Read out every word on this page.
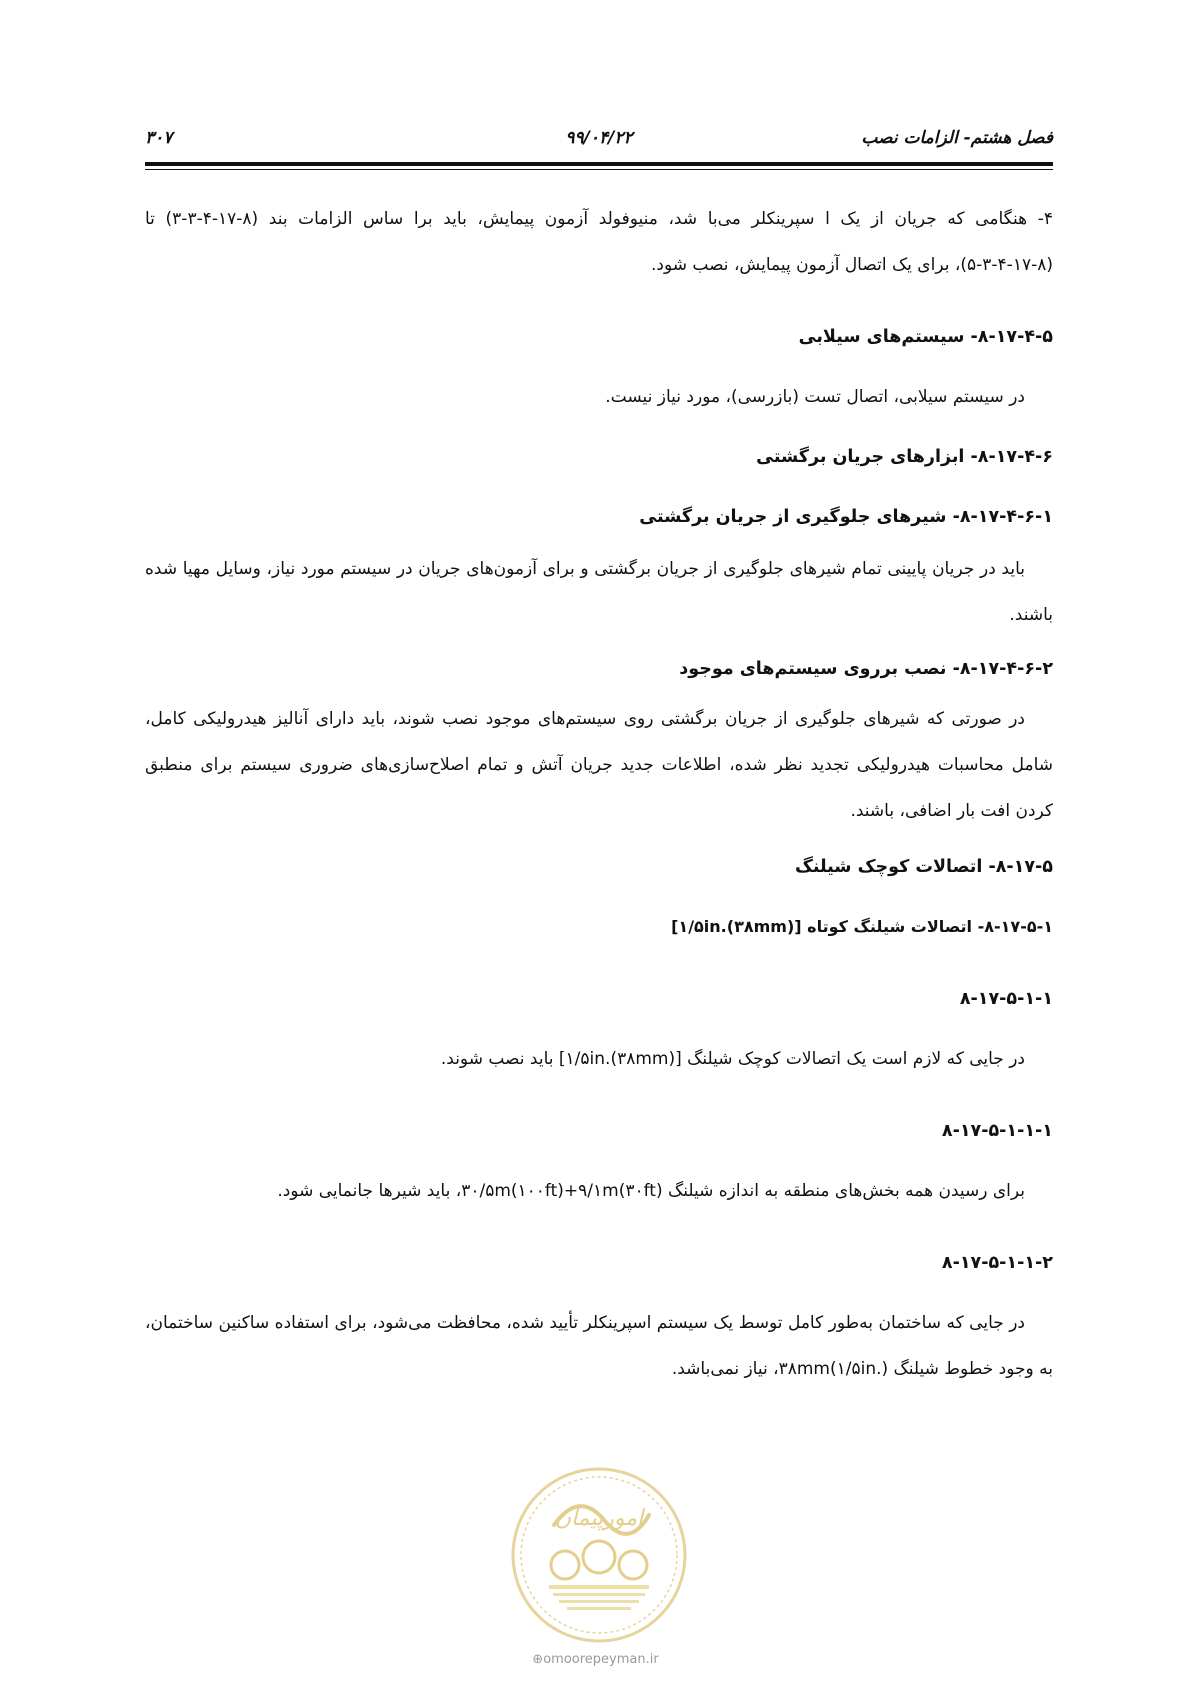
فصل هشتم- الزامات نصب
۹۹/۰۴/۲۲
۳۰۷

۴- هنگامی که جریان از یک ا سپرینکلر می‌با شد، منیوفولد آزمون پیمایش، باید برا ساس الزامات بند (۸-۱۷-۴-۳-۳) تا (۸-۱۷-۴-۳-۵)، برای یک اتصال آزمون پیمایش، نصب شود.

۸-۱۷-۴-۵- سیستم‌های سیلابی

در سیستم سیلابی، اتصال تست (بازرسی)، مورد نیاز نیست.

۸-۱۷-۴-۶- ابزارهای جریان برگشتی

۸-۱۷-۴-۶-۱- شیرهای جلوگیری از جریان برگشتی

باید در جریان پایینی تمام شیرهای جلوگیری از جریان برگشتی و برای آزمون‌های جریان در سیستم مورد نیاز، وسایل مهیا شده باشند.

۸-۱۷-۴-۶-۲- نصب برروی سیستم‌های موجود

در صورتی که شیرهای جلوگیری از جریان برگشتی روی سیستم‌های موجود نصب شوند، باید دارای آنالیز هیدرولیکی کامل، شامل محاسبات هیدرولیکی تجدید نظر شده، اطلاعات جدید جریان آتش و تمام اصلاح‌سازی‌های ضروری سیستم برای منطبق کردن افت بار اضافی، باشند.

۸-۱۷-۵- اتصالات کوچک شیلنگ

۸-۱۷-۵-۱- اتصالات شیلنگ کوتاه [۱/۵in.(۳۸mm)]

۸-۱۷-۵-۱-۱

در جایی که لازم است یک اتصالات کوچک شیلنگ [۱/۵in.(۳۸mm)] باید نصب شوند.

۸-۱۷-۵-۱-۱-۱

برای رسیدن همه بخش‌های منطقه به اندازه شیلنگ ۳۰/۵m(۱۰۰ft)+۹/۱m(۳۰ft)، باید شیرها جانمایی شود.

۸-۱۷-۵-۱-۱-۲

در جایی که ساختمان به‌طور کامل توسط یک سیستم اسپرینکلر تأیید شده، محافظت می‌شود، برای استفاده ساکنین ساختمان، به وجود خطوط شیلنگ ۳۸mm(۱/۵in.)، نیاز نمی‌باشد.

امورپیمان
⊕omoorepeyman.ir
